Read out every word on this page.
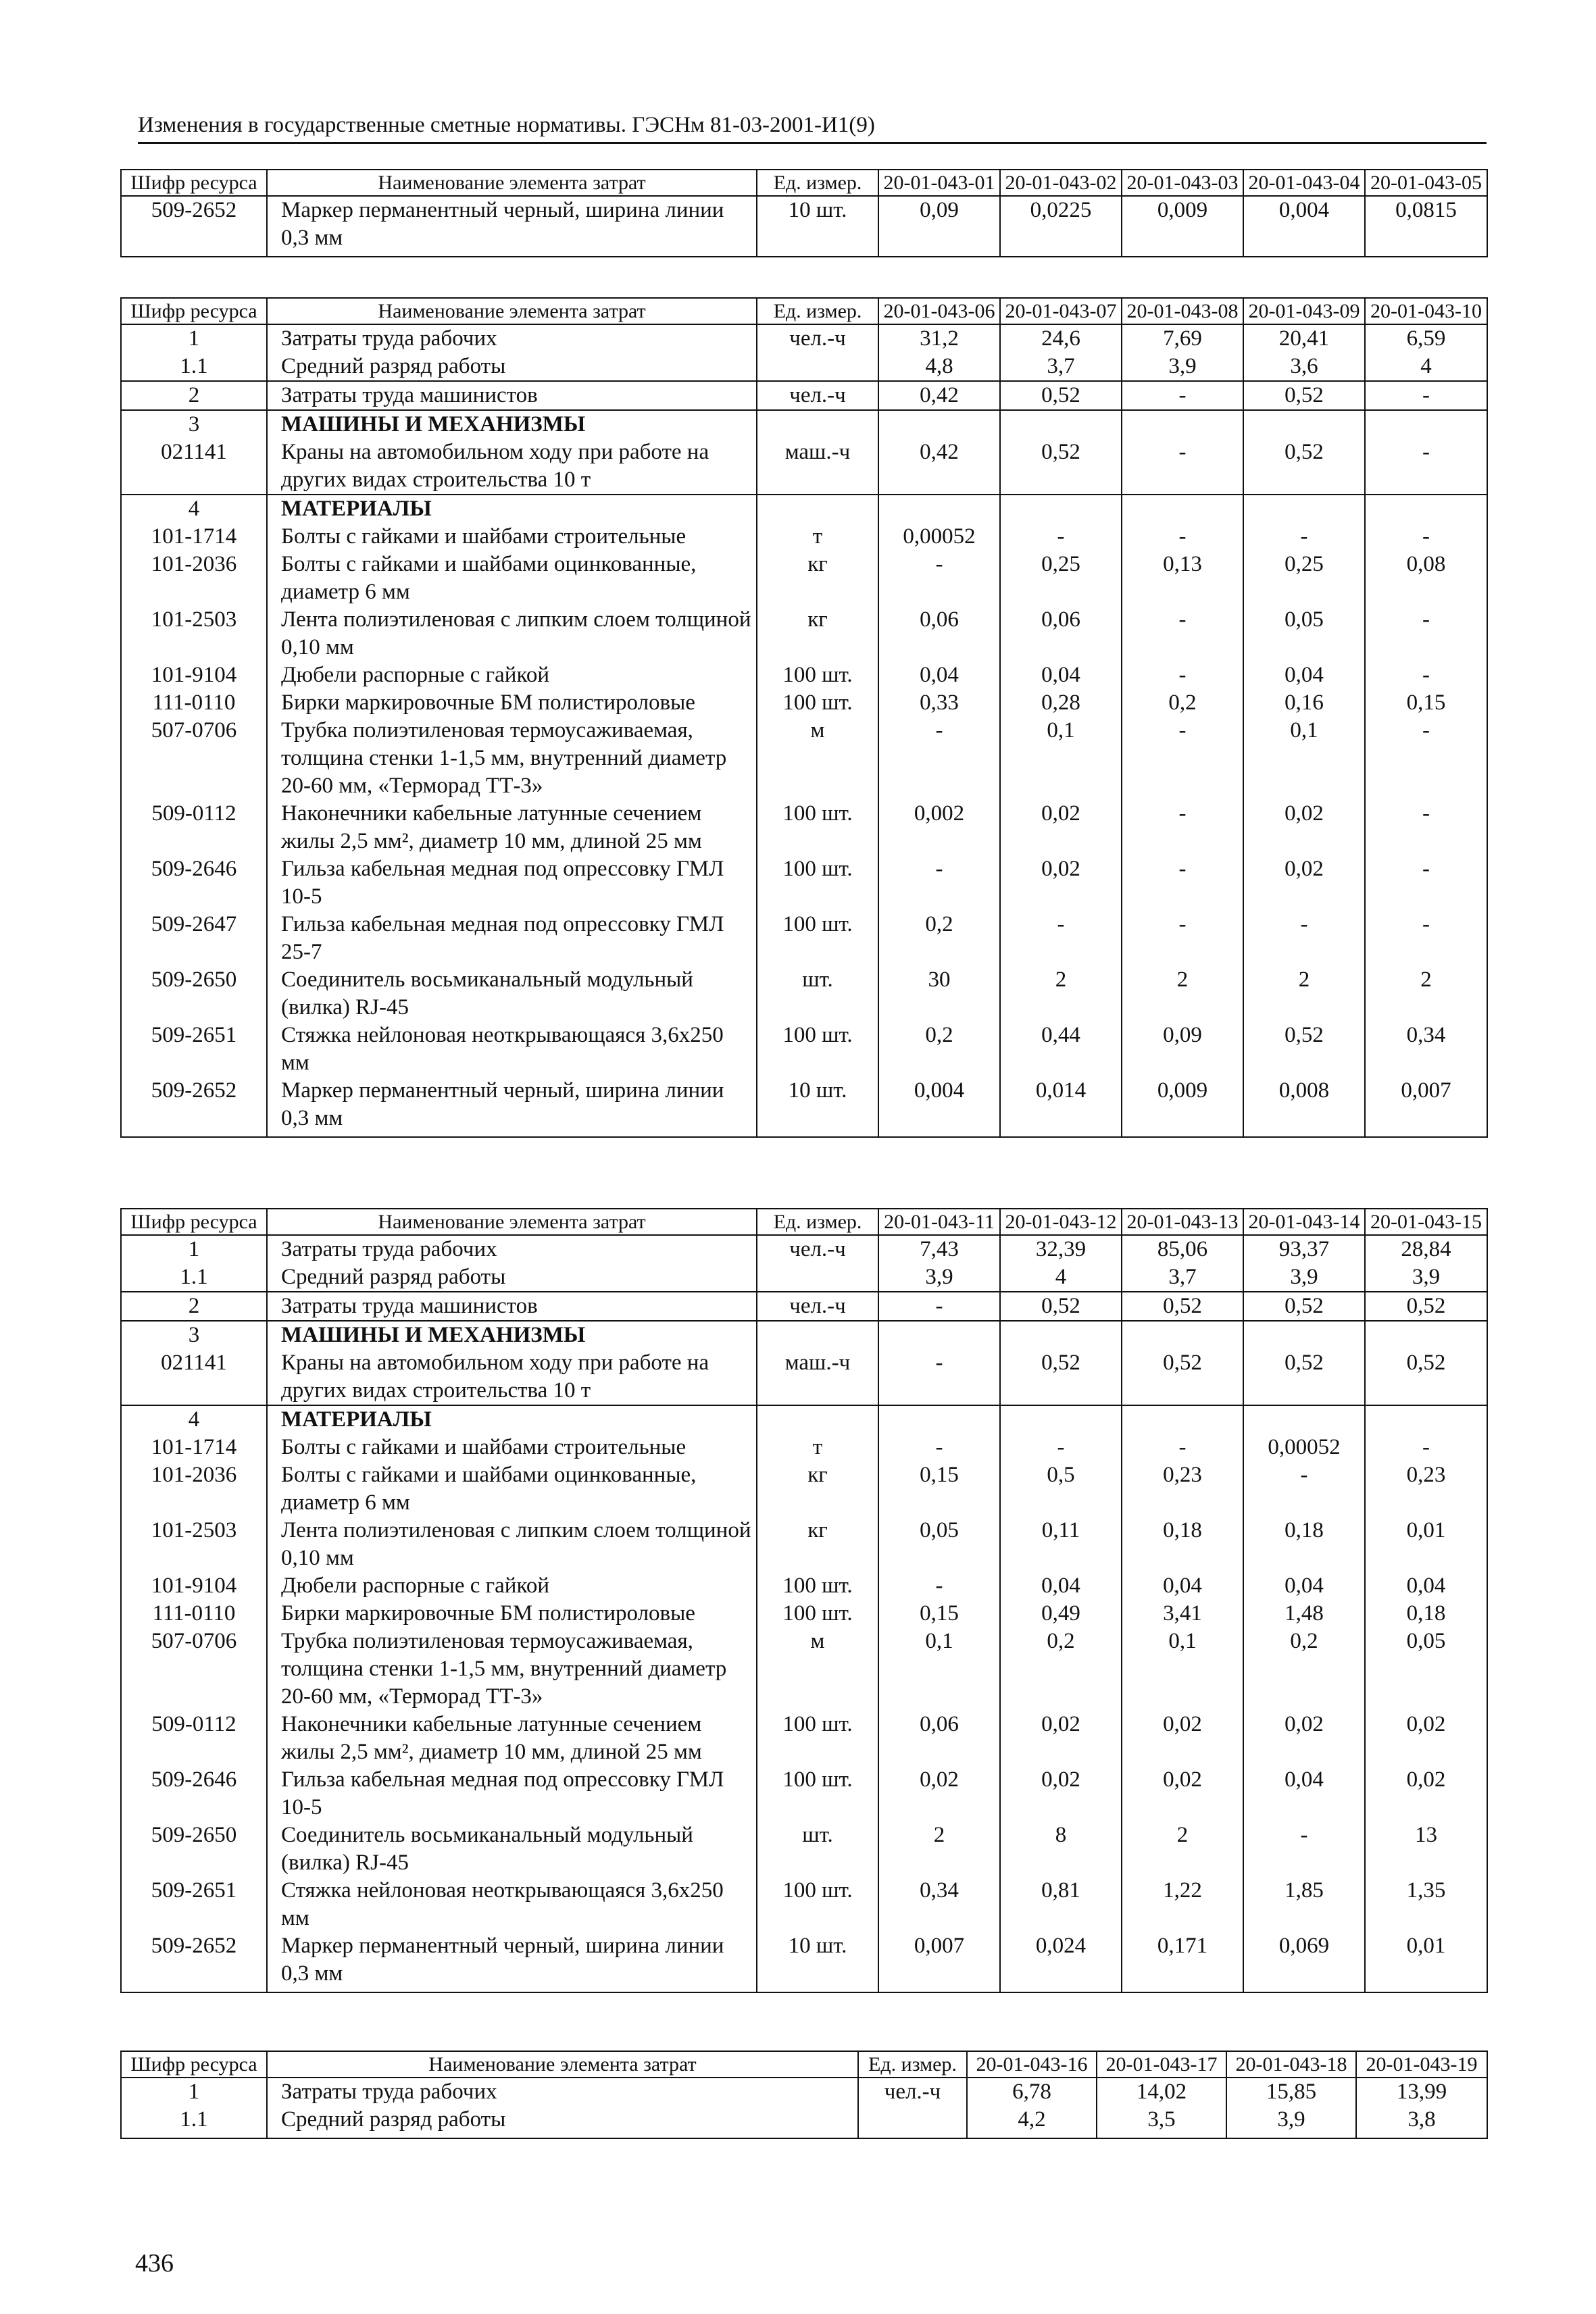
Изменения в государственные сметные нормативы. ГЭСНм 81-03-2001-И1(9)
Шифр ресурса	Наименование элемента затрат	Ед. измер.	20-01-043-01	20-01-043-02	20-01-043-03	20-01-043-04	20-01-043-05
509-2652	Маркер перманентный черный, ширина линии 0,3 мм	10 шт.	0,09	0,0225	0,009	0,004	0,0815
Шифр ресурса	Наименование элемента затрат	Ед. измер.	20-01-043-06	20-01-043-07	20-01-043-08	20-01-043-09	20-01-043-10
1	Затраты труда рабочих	чел.-ч	31,2	24,6	7,69	20,41	6,59
1.1	Средний разряд работы		4,8	3,7	3,9	3,6	4
2	Затраты труда машинистов	чел.-ч	0,42	0,52	-	0,52	-
3	МАШИНЫ И МЕХАНИЗМЫ						
021141	Краны на автомобильном ходу при работе на других видах строительства 10 т	маш.-ч	0,42	0,52	-	0,52	-
4	МАТЕРИАЛЫ						
101-1714	Болты с гайками и шайбами строительные	т	0,00052	-	-	-	-
101-2036	Болты с гайками и шайбами оцинкованные, диаметр 6 мм	кг	-	0,25	0,13	0,25	0,08
101-2503	Лента полиэтиленовая с липким слоем толщиной 0,10 мм	кг	0,06	0,06	-	0,05	-
101-9104	Дюбели распорные с гайкой	100 шт.	0,04	0,04	-	0,04	-
111-0110	Бирки маркировочные БМ полистироловые	100 шт.	0,33	0,28	0,2	0,16	0,15
507-0706	Трубка полиэтиленовая термоусаживаемая, толщина стенки 1-1,5 мм, внутренний диаметр 20-60 мм, «Терморад ТТ-3»	м	-	0,1	-	0,1	-
509-0112	Наконечники кабельные латунные сечением жилы 2,5 мм², диаметр 10 мм, длиной 25 мм	100 шт.	0,002	0,02	-	0,02	-
509-2646	Гильза кабельная медная под опрессовку ГМЛ 10-5	100 шт.	-	0,02	-	0,02	-
509-2647	Гильза кабельная медная под опрессовку ГМЛ 25-7	100 шт.	0,2	-	-	-	-
509-2650	Соединитель восьмиканальный модульный (вилка) RJ-45	шт.	30	2	2	2	2
509-2651	Стяжка нейлоновая неоткрывающаяся 3,6х250 мм	100 шт.	0,2	0,44	0,09	0,52	0,34
509-2652	Маркер перманентный черный, ширина линии 0,3 мм	10 шт.	0,004	0,014	0,009	0,008	0,007
Шифр ресурса	Наименование элемента затрат	Ед. измер.	20-01-043-11	20-01-043-12	20-01-043-13	20-01-043-14	20-01-043-15
1	Затраты труда рабочих	чел.-ч	7,43	32,39	85,06	93,37	28,84
1.1	Средний разряд работы		3,9	4	3,7	3,9	3,9
2	Затраты труда машинистов	чел.-ч	-	0,52	0,52	0,52	0,52
3	МАШИНЫ И МЕХАНИЗМЫ						
021141	Краны на автомобильном ходу при работе на других видах строительства 10 т	маш.-ч	-	0,52	0,52	0,52	0,52
4	МАТЕРИАЛЫ						
101-1714	Болты с гайками и шайбами строительные	т	-	-	-	0,00052	-
101-2036	Болты с гайками и шайбами оцинкованные, диаметр 6 мм	кг	0,15	0,5	0,23	-	0,23
101-2503	Лента полиэтиленовая с липким слоем толщиной 0,10 мм	кг	0,05	0,11	0,18	0,18	0,01
101-9104	Дюбели распорные с гайкой	100 шт.	-	0,04	0,04	0,04	0,04
111-0110	Бирки маркировочные БМ полистироловые	100 шт.	0,15	0,49	3,41	1,48	0,18
507-0706	Трубка полиэтиленовая термоусаживаемая, толщина стенки 1-1,5 мм, внутренний диаметр 20-60 мм, «Терморад ТТ-3»	м	0,1	0,2	0,1	0,2	0,05
509-0112	Наконечники кабельные латунные сечением жилы 2,5 мм², диаметр 10 мм, длиной 25 мм	100 шт.	0,06	0,02	0,02	0,02	0,02
509-2646	Гильза кабельная медная под опрессовку ГМЛ 10-5	100 шт.	0,02	0,02	0,02	0,04	0,02
509-2650	Соединитель восьмиканальный модульный (вилка) RJ-45	шт.	2	8	2	-	13
509-2651	Стяжка нейлоновая неоткрывающаяся 3,6х250 мм	100 шт.	0,34	0,81	1,22	1,85	1,35
509-2652	Маркер перманентный черный, ширина линии 0,3 мм	10 шт.	0,007	0,024	0,171	0,069	0,01
Шифр ресурса	Наименование элемента затрат	Ед. измер.	20-01-043-16	20-01-043-17	20-01-043-18	20-01-043-19
1	Затраты труда рабочих	чел.-ч	6,78	14,02	15,85	13,99
1.1	Средний разряд работы		4,2	3,5	3,9	3,8
436
